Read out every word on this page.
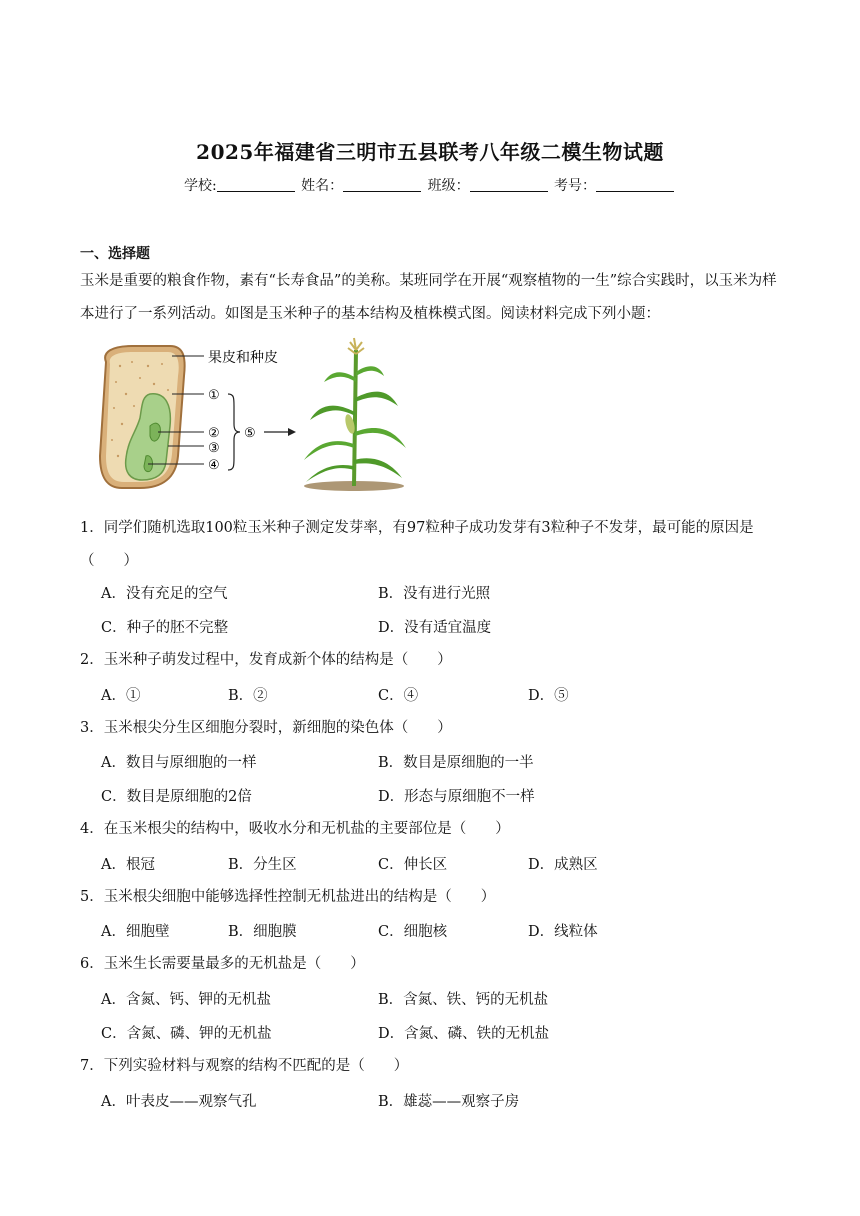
2025年福建省三明市五县联考八年级二模生物试题
学校:	姓名：	班级：	考号：
一、选择题
玉米是重要的粮食作物，素有“长寿食品”的美称。某班同学在开展“观察植物的一生”综合实践时，以玉米为样本进行了一系列活动。如图是玉米种子的基本结构及植株模式图。阅读材料完成下列小题：
果皮和种皮
①
②
③
④
⑤
1．同学们随机选取100粒玉米种子测定发芽率，有97粒种子成功发芽有3粒种子不发芽，最可能的原因是（　　）
A．没有充足的空气	B．没有进行光照
C．种子的胚不完整	D．没有适宜温度
2．玉米种子萌发过程中，发育成新个体的结构是（　　）
A．①	B．②	C．④	D．⑤
3．玉米根尖分生区细胞分裂时，新细胞的染色体（　　）
A．数目与原细胞的一样	B．数目是原细胞的一半
C．数目是原细胞的2倍	D．形态与原细胞不一样
4．在玉米根尖的结构中，吸收水分和无机盐的主要部位是（　　）
A．根冠	B．分生区	C．伸长区	D．成熟区
5．玉米根尖细胞中能够选择性控制无机盐进出的结构是（　　）
A．细胞壁	B．细胞膜	C．细胞核	D．线粒体
6．玉米生长需要量最多的无机盐是（　　）
A．含氮、钙、钾的无机盐	B．含氮、铁、钙的无机盐
C．含氮、磷、钾的无机盐	D．含氮、磷、铁的无机盐
7．下列实验材料与观察的结构不匹配的是（　　）
A．叶表皮——观察气孔	B．雄蕊——观察子房
